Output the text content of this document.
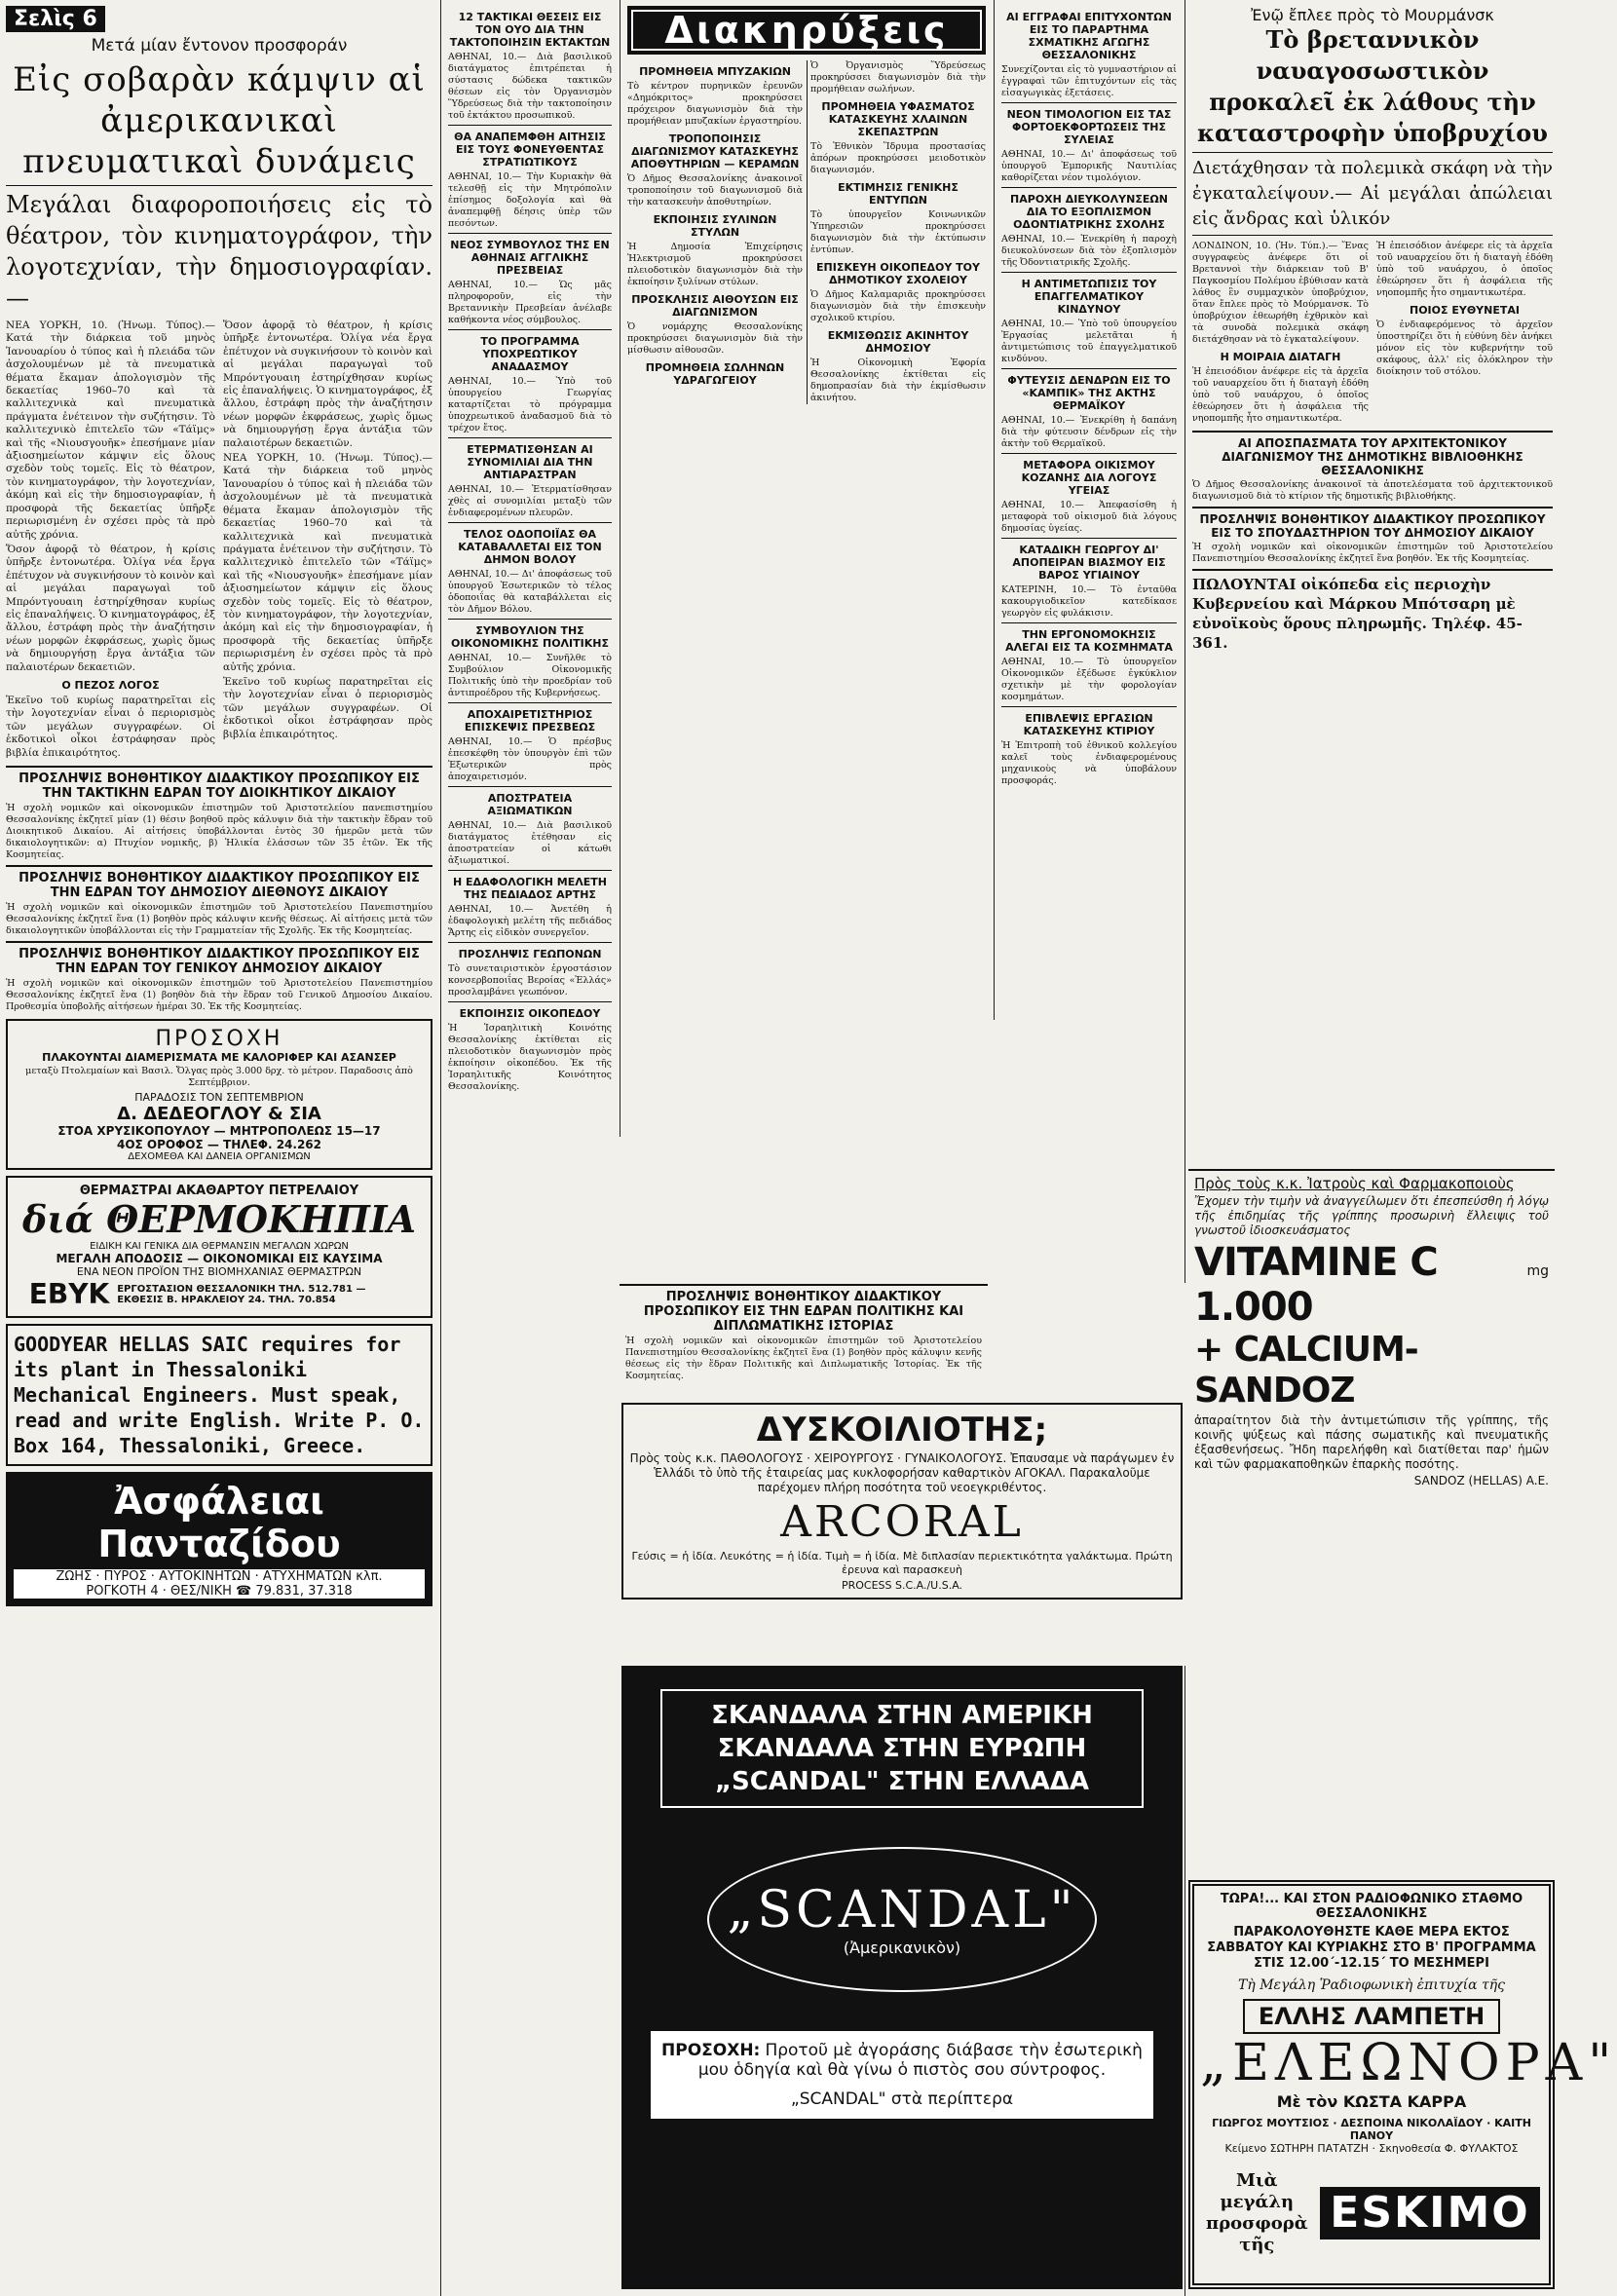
Σελὶς 6
Μετά μίαν ἔντονον προσφοράν
Εἰς σοβαρὰν κάμψιν αἱ ἀμερικανικαὶ πνευματικαὶ δυνάμεις
Μεγάλαι διαφοροποιήσεις εἰς τὸ θέατρον, τὸν κινηματογράφον, τὴν λογοτεχνίαν, τὴν δημοσιογραφίαν.—

ΝΕΑ ΥΟΡΚΗ, 10. (Ἡνωμ. Τύπος).— Κατά τὴν διάρκεια τοῦ μηνὸς Ἰανουαρίου ὁ τύπος καὶ ἡ πλειάδα τῶν ἀσχολουμένων μὲ τὰ πνευματικὰ θέματα ἔκαμαν ἀπολογισμὸν τῆς δεκαετίας 1960–70 καὶ τὰ καλλιτεχνικὰ καὶ πνευματικὰ πράγματα ἐνέτεινον τὴν συζήτησιν. Τὸ καλλιτεχνικὸ ἐπιτελεῖο τῶν «Τάϊμς» καὶ τῆς «Νιουσγουῆκ» ἐπεσήμανε μίαν ἀξιοσημείωτον κάμψιν εἰς ὅλους σχεδὸν τοὺς τομεῖς. Εἰς τὸ θέατρον, τὸν κινηματογράφον, τὴν λογοτεχνίαν, ἀκόμη καὶ εἰς τὴν δημοσιογραφίαν, ἡ προσφορὰ τῆς δεκαετίας ὑπῆρξε περιωρισμένη ἐν σχέσει πρὸς τὰ πρὸ αὐτῆς χρόνια.

Ὅσον ἀφορᾷ τὸ θέατρον, ἡ κρίσις ὑπῆρξε ἐντονωτέρα. Ὀλίγα νέα ἔργα ἐπέτυχον νὰ συγκινήσουν τὸ κοινὸν καὶ αἱ μεγάλαι παραγωγαὶ τοῦ Μπρόντγουαιη ἐστηρίχθησαν κυρίως εἰς ἐπαναλήψεις. Ὁ κινηματογράφος, ἐξ ἄλλου, ἐστράφη πρὸς τὴν ἀναζήτησιν νέων μορφῶν ἐκφράσεως, χωρὶς ὅμως νὰ δημιουργήσῃ ἔργα ἀντάξια τῶν παλαιοτέρων δεκαετιῶν.

Ο ΠΕΖΟΣ ΛΟΓΟΣ

Ἐκεῖνο τοῦ κυρίως παρατηρεῖται εἰς τὴν λογοτεχνίαν εἶναι ὁ περιορισμὸς τῶν μεγάλων συγγραφέων. Οἱ ἐκδοτικοὶ οἶκοι ἐστράφησαν πρὸς βιβλία ἐπικαιρότητος.

Ὅσον ἀφορᾷ τὸ θέατρον, ἡ κρίσις ὑπῆρξε ἐντονωτέρα. Ὀλίγα νέα ἔργα ἐπέτυχον νὰ συγκινήσουν τὸ κοινὸν καὶ αἱ μεγάλαι παραγωγαὶ τοῦ Μπρόντγουαιη ἐστηρίχθησαν κυρίως εἰς ἐπαναλήψεις. Ὁ κινηματογράφος, ἐξ ἄλλου, ἐστράφη πρὸς τὴν ἀναζήτησιν νέων μορφῶν ἐκφράσεως, χωρὶς ὅμως νὰ δημιουργήσῃ ἔργα ἀντάξια τῶν παλαιοτέρων δεκαετιῶν.

ΝΕΑ ΥΟΡΚΗ, 10. (Ἡνωμ. Τύπος).— Κατά τὴν διάρκεια τοῦ μηνὸς Ἰανουαρίου ὁ τύπος καὶ ἡ πλειάδα τῶν ἀσχολουμένων μὲ τὰ πνευματικὰ θέματα ἔκαμαν ἀπολογισμὸν τῆς δεκαετίας 1960–70 καὶ τὰ καλλιτεχνικὰ καὶ πνευματικὰ πράγματα ἐνέτεινον τὴν συζήτησιν. Τὸ καλλιτεχνικὸ ἐπιτελεῖο τῶν «Τάϊμς» καὶ τῆς «Νιουσγουῆκ» ἐπεσήμανε μίαν ἀξιοσημείωτον κάμψιν εἰς ὅλους σχεδὸν τοὺς τομεῖς. Εἰς τὸ θέατρον, τὸν κινηματογράφον, τὴν λογοτεχνίαν, ἀκόμη καὶ εἰς τὴν δημοσιογραφίαν, ἡ προσφορὰ τῆς δεκαετίας ὑπῆρξε περιωρισμένη ἐν σχέσει πρὸς τὰ πρὸ αὐτῆς χρόνια.

Ἐκεῖνο τοῦ κυρίως παρατηρεῖται εἰς τὴν λογοτεχνίαν εἶναι ὁ περιορισμὸς τῶν μεγάλων συγγραφέων. Οἱ ἐκδοτικοὶ οἶκοι ἐστράφησαν πρὸς βιβλία ἐπικαιρότητος.

ΠΡΟΣΛΗΨΙΣ ΒΟΗΘΗΤΙΚΟΥ ΔΙΔΑΚΤΙΚΟΥ ΠΡΟΣΩΠΙΚΟΥ ΕΙΣ ΤΗΝ ΤΑΚΤΙΚΗΝ ΕΔΡΑΝ ΤΟΥ ΔΙΟΙΚΗΤΙΚΟΥ ΔΙΚΑΙΟΥ

Ἡ σχολὴ νομικῶν καὶ οἰκονομικῶν ἐπιστημῶν τοῦ Ἀριστοτελείου πανεπιστημίου Θεσσαλονίκης ἐκζητεῖ μίαν (1) θέσιν βοηθοῦ πρὸς κάλυψιν διὰ τὴν τακτικὴν ἕδραν τοῦ Διοικητικοῦ Δικαίου. Αἱ αἰτήσεις ὑποβάλλονται ἐντὸς 30 ἡμερῶν μετὰ τῶν δικαιολογητικῶν: α) Πτυχίον νομικῆς, β) Ἡλικία ἐλάσσων τῶν 35 ἐτῶν. Ἐκ τῆς Κοσμητείας.

ΠΡΟΣΛΗΨΙΣ ΒΟΗΘΗΤΙΚΟΥ ΔΙΔΑΚΤΙΚΟΥ ΠΡΟΣΩΠΙΚΟΥ ΕΙΣ ΤΗΝ ΕΔΡΑΝ ΤΟΥ ΔΗΜΟΣΙΟΥ ΔΙΕΘΝΟΥΣ ΔΙΚΑΙΟΥ

Ἡ σχολὴ νομικῶν καὶ οἰκονομικῶν ἐπιστημῶν τοῦ Ἀριστοτελείου Πανεπιστημίου Θεσσαλονίκης ἐκζητεῖ ἕνα (1) βοηθὸν πρὸς κάλυψιν κενῆς θέσεως. Αἱ αἰτήσεις μετὰ τῶν δικαιολογητικῶν ὑποβάλλονται εἰς τὴν Γραμματείαν τῆς Σχολῆς. Ἐκ τῆς Κοσμητείας.

ΠΡΟΣΛΗΨΙΣ ΒΟΗΘΗΤΙΚΟΥ ΔΙΔΑΚΤΙΚΟΥ ΠΡΟΣΩΠΙΚΟΥ ΕΙΣ ΤΗΝ ΕΔΡΑΝ ΤΟΥ ΓΕΝΙΚΟΥ ΔΗΜΟΣΙΟΥ ΔΙΚΑΙΟΥ

Ἡ σχολὴ νομικῶν καὶ οἰκονομικῶν ἐπιστημῶν τοῦ Ἀριστοτελείου Πανεπιστημίου Θεσσαλονίκης ἐκζητεῖ ἕνα (1) βοηθὸν διὰ τὴν ἕδραν τοῦ Γενικοῦ Δημοσίου Δικαίου. Προθεσμία ὑποβολῆς αἰτήσεων ἡμέραι 30. Ἐκ τῆς Κοσμητείας.

ΠΡΟΣΟΧΗ
ΠΛΑΚΟΥΝΤΑΙ ΔΙΑΜΕΡΙΣΜΑΤΑ ΜΕ ΚΑΛΟΡΙΦΕΡ ΚΑΙ ΑΣΑΝΣΕΡ

μεταξὺ Πτολεμαίων καὶ Βασιλ. Ὄλγας πρὸς 3.000 δρχ. τὸ μέτρον. Παραδοσις ἀπὸ Σεπτέμβριον.

ΠΑΡΑΔΟΣΙΣ ΤΟΝ ΣΕΠΤΕΜΒΡΙΟΝ
Δ. ΔΕΔΕΟΓΛΟΥ & ΣΙΑ
ΣΤΟΑ ΧΡΥΣΙΚΟΠΟΥΛΟΥ — ΜΗΤΡΟΠΟΛΕΩΣ 15—17
4ΟΣ ΟΡΟΦΟΣ — ΤΗΛΕΦ. 24.262
ΔΕΧΟΜΕΘΑ ΚΑΙ ΔΑΝΕΙΑ ΟΡΓΑΝΙΣΜΩΝ
ΘΕΡΜΑΣΤΡΑΙ ΑΚΑΘΑΡΤΟΥ ΠΕΤΡΕΛΑΙΟΥ
διά ΘΕΡΜΟΚΗΠΙΑ
ΕΙΔΙΚΗ ΚΑΙ ΓΕΝΙΚΑ ΔΙΑ ΘΕΡΜΑΝΣΙΝ ΜΕΓΑΛΩΝ ΧΩΡΩΝ
ΜΕΓΑΛΗ ΑΠΟΔΟΣΙΣ — ΟΙΚΟΝΟΜΙΚΑΙ ΕΙΣ ΚΑΥΣΙΜΑ
ΕΝΑ ΝΕΟΝ ΠΡΟΪΟΝ ΤΗΣ ΒΙΟΜΗΧΑΝΙΑΣ ΘΕΡΜΑΣΤΡΩΝ
ΕΒΥΚ ΕΡΓΟΣΤΑΣΙΟΝ ΘΕΣΣΑΛΟΝΙΚΗ ΤΗΛ. 512.781 — ΕΚΘΕΣΙΣ Β. ΗΡΑΚΛΕΙΟΥ 24. ΤΗΛ. 70.854
GOODYEAR HELLAS SAIC requires for its plant in Thessaloniki Mechanical Engineers. Must speak, read and write English. Write P. O. Box 164, Thessaloniki, Greece.
Ἀσφάλειαι Πανταζίδου
ΖΩΗΣ · ΠΥΡΟΣ · ΑΥΤΟΚΙΝΗΤΩΝ · ΑΤΥΧΗΜΑΤΩΝ κλπ.
ΡΟΓΚΟΤΗ 4 · ΘΕΣ/ΝΙΚΗ ☎ 79.831, 37.318
12 ΤΑΚΤΙΚΑΙ ΘΕΣΕΙΣ ΕΙΣ ΤΟΝ ΟΥΟ ΔΙΑ ΤΗΝ ΤΑΚΤΟΠΟΙΗΣΙΝ ΕΚΤΑΚΤΩΝ

ΑΘΗΝΑΙ, 10.— Διὰ βασιλικοῦ διατάγματος ἐπιτρέπεται ἡ σύστασις δώδεκα τακτικῶν θέσεων εἰς τὸν Ὀργανισμὸν Ὕδρεύσεως διὰ τὴν τακτοποίησιν τοῦ ἐκτάκτου προσωπικοῦ.

ΘΑ ΑΝΑΠΕΜΦΘΗ ΑΙΤΗΣΙΣ ΕΙΣ ΤΟΥΣ ΦΟΝΕΥΘΕΝΤΑΣ ΣΤΡΑΤΙΩΤΙΚΟΥΣ

ΑΘΗΝΑΙ, 10.— Τὴν Κυριακὴν θὰ τελεσθῇ εἰς τὴν Μητρόπολιν ἐπίσημος δοξολογία καὶ θὰ ἀναπεμφθῇ δέησις ὑπὲρ τῶν πεσόντων.

ΝΕΟΣ ΣΥΜΒΟΥΛΟΣ ΤΗΣ ΕΝ ΑΘΗΝΑΙΣ ΑΓΓΛΙΚΗΣ ΠΡΕΣΒΕΙΑΣ

ΑΘΗΝΑΙ, 10.— Ὡς μᾶς πληροφοροῦν, εἰς τὴν Βρεταννικὴν Πρεσβείαν ἀνέλαβε καθήκοντα νέος σύμβουλος.

ΤΟ ΠΡΟΓΡΑΜΜΑ ΥΠΟΧΡΕΩΤΙΚΟΥ ΑΝΑΔΑΣΜΟΥ

ΑΘΗΝΑΙ, 10.— Ὑπὸ τοῦ ὑπουργείου Γεωργίας καταρτίζεται τὸ πρόγραμμα ὑποχρεωτικοῦ ἀναδασμοῦ διὰ τὸ τρέχον ἔτος.

ΕΤΕΡΜΑΤΙΣΘΗΣΑΝ ΑΙ ΣΥΝΟΜΙΛΙΑΙ ΔΙΑ ΤΗΝ ΑΝΤΙΑΡΑΣΤΡΑΝ

ΑΘΗΝΑΙ, 10.— Ἐτερματίσθησαν χθὲς αἱ συνομιλίαι μεταξὺ τῶν ἐνδιαφερομένων πλευρῶν.

ΤΕΛΟΣ ΟΔΟΠΟΙΪΑΣ ΘΑ ΚΑΤΑΒΑΛΛΕΤΑΙ ΕΙΣ ΤΟΝ ΔΗΜΟΝ ΒΟΛΟΥ

ΑΘΗΝΑΙ, 10.— Δι' ἀποφάσεως τοῦ ὑπουργοῦ Ἐσωτερικῶν τὸ τέλος ὁδοποιΐας θὰ καταβάλλεται εἰς τὸν Δῆμον Βόλου.

ΣΥΜΒΟΥΛΙΟΝ ΤΗΣ ΟΙΚΟΝΟΜΙΚΗΣ ΠΟΛΙΤΙΚΗΣ

ΑΘΗΝΑΙ, 10.— Συνῆλθε τὸ Συμβούλιον Οἰκονομικῆς Πολιτικῆς ὑπὸ τὴν προεδρίαν τοῦ ἀντιπροέδρου τῆς Κυβερνήσεως.

ΑΠΟΧΑΙΡΕΤΙΣΤΗΡΙΟΣ ΕΠΙΣΚΕΨΙΣ ΠΡΕΣΒΕΩΣ

ΑΘΗΝΑΙ, 10.— Ὁ πρέσβυς ἐπεσκέφθη τὸν ὑπουργὸν ἐπὶ τῶν Ἐξωτερικῶν πρὸς ἀποχαιρετισμόν.

ΑΠΟΣΤΡΑΤΕΙΑ ΑΞΙΩΜΑΤΙΚΩΝ

ΑΘΗΝΑΙ, 10.— Διὰ βασιλικοῦ διατάγματος ἐτέθησαν εἰς ἀποστρατείαν οἱ κάτωθι ἀξιωματικοί.

Η ΕΔΑΦΟΛΟΓΙΚΗ ΜΕΛΕΤΗ ΤΗΣ ΠΕΔΙΑΔΟΣ ΑΡΤΗΣ

ΑΘΗΝΑΙ, 10.— Ἀνετέθη ἡ ἐδαφολογικὴ μελέτη τῆς πεδιάδος Ἄρτης εἰς εἰδικὸν συνεργεῖον.

ΠΡΟΣΛΗΨΙΣ ΓΕΩΠΟΝΩΝ

Τὸ συνεταιριστικὸν ἐργοστάσιον κονσερβοποιΐας Βεροίας «Ἐλλάς» προσλαμβάνει γεωπόνον.

ΕΚΠΟΙΗΣΙΣ ΟΙΚΟΠΕΔΟΥ

Ἡ Ἰσραηλιτικὴ Κοινότης Θεσσαλονίκης ἐκτίθεται εἰς πλειοδοτικὸν διαγωνισμὸν πρὸς ἐκποίησιν οἰκοπέδου. Ἐκ τῆς Ἰσραηλιτικῆς Κοινότητος Θεσσαλονίκης.

Διακηρύξεις
ΠΡΟΜΗΘΕΙΑ ΜΠΥΖΑΚΙΩΝ

Τὸ κέντρον πυρηνικῶν ἐρευνῶν «Δημόκριτος» προκηρύσσει πρόχειρον διαγωνισμὸν διὰ τὴν προμήθειαν μπυζακίων ἐργαστηρίου.

ΤΡΟΠΟΠΟΙΗΣΙΣ ΔΙΑΓΩΝΙΣΜΟΥ ΚΑΤΑΣΚΕΥΗΣ ΑΠΟΘΥΤΗΡΙΩΝ — ΚΕΡΑΜΩΝ

Ὁ Δῆμος Θεσσαλονίκης ἀνακοινοῖ τροποποίησιν τοῦ διαγωνισμοῦ διὰ τὴν κατασκευὴν ἀποθυτηρίων.

ΕΚΠΟΙΗΣΙΣ ΣΥΛΙΝΩΝ ΣΤΥΛΩΝ

Ἡ Δημοσία Ἐπιχείρησις Ἠλεκτρισμοῦ προκηρύσσει πλειοδοτικὸν διαγωνισμὸν διὰ τὴν ἐκποίησιν ξυλίνων στύλων.

ΠΡΟΣΚΛΗΣΙΣ ΑΙΘΟΥΣΩΝ ΕΙΣ ΔΙΑΓΩΝΙΣΜΟΝ

Ὁ νομάρχης Θεσσαλονίκης προκηρύσσει διαγωνισμὸν διὰ τὴν μίσθωσιν αἰθουσῶν.

ΠΡΟΜΗΘΕΙΑ ΣΩΛΗΝΩΝ ΥΔΡΑΓΩΓΕΙΟΥ

Ὁ Ὀργανισμὸς Ὕδρεύσεως προκηρύσσει διαγωνισμὸν διὰ τὴν προμήθειαν σωλήνων.

ΠΡΟΜΗΘΕΙΑ ΥΦΑΣΜΑΤΟΣ ΚΑΤΑΣΚΕΥΗΣ ΧΛΑΙΝΩΝ ΣΚΕΠΑΣΤΡΩΝ

Τὸ Ἐθνικὸν Ἵδρυμα προστασίας ἀπόρων προκηρύσσει μειοδοτικὸν διαγωνισμόν.

ΕΚΤΙΜΗΣΙΣ ΓΕΝΙΚΗΣ ΕΝΤΥΠΩΝ

Τὸ ὑπουργεῖον Κοινωνικῶν Ὑπηρεσιῶν προκηρύσσει διαγωνισμὸν διὰ τὴν ἐκτύπωσιν ἐντύπων.

ΕΠΙΣΚΕΥΗ ΟΙΚΟΠΕΔΟΥ ΤΟΥ ΔΗΜΟΤΙΚΟΥ ΣΧΟΛΕΙΟΥ

Ὁ Δῆμος Καλαμαριᾶς προκηρύσσει διαγωνισμὸν διὰ τὴν ἐπισκευὴν σχολικοῦ κτιρίου.

ΕΚΜΙΣΘΩΣΙΣ ΑΚΙΝΗΤΟΥ ΔΗΜΟΣΙΟΥ

Ἡ Οἰκονομικὴ Ἐφορία Θεσσαλονίκης ἐκτίθεται εἰς δημοπρασίαν διὰ τὴν ἐκμίσθωσιν ἀκινήτου.

ΠΡΟΣΛΗΨΙΣ ΒΟΗΘΗΤΙΚΟΥ ΔΙΔΑΚΤΙΚΟΥ ΠΡΟΣΩΠΙΚΟΥ ΕΙΣ ΤΗΝ ΕΔΡΑΝ ΠΟΛΙΤΙΚΗΣ ΚΑΙ ΔΙΠΛΩΜΑΤΙΚΗΣ ΙΣΤΟΡΙΑΣ

Ἡ σχολὴ νομικῶν καὶ οἰκονομικῶν ἐπιστημῶν τοῦ Ἀριστοτελείου Πανεπιστημίου Θεσσαλονίκης ἐκζητεῖ ἕνα (1) βοηθὸν πρὸς κάλυψιν κενῆς θέσεως εἰς τὴν ἕδραν Πολιτικῆς καὶ Διπλωματικῆς Ἱστορίας. Ἐκ τῆς Κοσμητείας.

ΑΙ ΕΓΓΡΑΦΑΙ ΕΠΙΤΥΧΟΝΤΩΝ ΕΙΣ ΤΟ ΠΑΡΑΡΤΗΜΑ ΣΧΜΑΤΙΚΗΣ ΑΓΩΓΗΣ ΘΕΣΣΑΛΟΝΙΚΗΣ

Συνεχίζονται εἰς τὸ γυμναστήριον αἱ ἐγγραφαὶ τῶν ἐπιτυχόντων εἰς τὰς εἰσαγωγικὰς ἐξετάσεις.

ΝΕΟΝ ΤΙΜΟΛΟΓΙΟΝ ΕΙΣ ΤΑΣ ΦΟΡΤΟΕΚΦΟΡΤΩΣΕΙΣ ΤΗΣ ΣΥΛΕΙΑΣ

ΑΘΗΝΑΙ, 10.— Δι' ἀποφάσεως τοῦ ὑπουργοῦ Ἐμπορικῆς Ναυτιλίας καθορίζεται νέον τιμολόγιον.

ΠΑΡΟΧΗ ΔΙΕΥΚΟΛΥΝΣΕΩΝ ΔΙΑ ΤΟ ΕΞΟΠΛΙΣΜΟΝ ΟΔΟΝΤΙΑΤΡΙΚΗΣ ΣΧΟΛΗΣ

ΑΘΗΝΑΙ, 10.— Ἐνεκρίθη ἡ παροχὴ διευκολύνσεων διὰ τὸν ἐξοπλισμὸν τῆς Ὀδοντιατρικῆς Σχολῆς.

Η ΑΝΤΙΜΕΤΩΠΙΣΙΣ ΤΟΥ ΕΠΑΓΓΕΛΜΑΤΙΚΟΥ ΚΙΝΔΥΝΟΥ

ΑΘΗΝΑΙ, 10.— Ὑπὸ τοῦ ὑπουργείου Ἐργασίας μελετᾶται ἡ ἀντιμετώπισις τοῦ ἐπαγγελματικοῦ κινδύνου.

ΦΥΤΕΥΣΙΣ ΔΕΝΔΡΩΝ ΕΙΣ ΤΟ «ΚΑΜΠΙΚ» ΤΗΣ ΑΚΤΗΣ ΘΕΡΜΑΪΚΟΥ

ΑΘΗΝΑΙ, 10.— Ἐνεκρίθη ἡ δαπάνη διὰ τὴν φύτευσιν δένδρων εἰς τὴν ἀκτὴν τοῦ Θερμαϊκοῦ.

ΜΕΤΑΦΟΡΑ ΟΙΚΙΣΜΟΥ ΚΟΖΑΝΗΣ ΔΙΑ ΛΟΓΟΥΣ ΥΓΕΙΑΣ

ΑΘΗΝΑΙ, 10.— Ἀπεφασίσθη ἡ μεταφορὰ τοῦ οἰκισμοῦ διὰ λόγους δημοσίας ὑγείας.

ΚΑΤΑΔΙΚΗ ΓΕΩΡΓΟΥ ΔΙ' ΑΠΟΠΕΙΡΑΝ ΒΙΑΣΜΟΥ ΕΙΣ ΒΑΡΟΣ ΥΓΙΑΙΝΟΥ

ΚΑΤΕΡΙΝΗ, 10.— Τὸ ἐνταῦθα κακουργιοδικεῖον κατεδίκασε γεωργὸν εἰς φυλάκισιν.

ΤΗΝ ΕΡΓΟΝΟΜΟΚΗΣΙΣ ΑΛΕΓΑΙ ΕΙΣ ΤΑ ΚΟΣΜΗΜΑΤΑ

ΑΘΗΝΑΙ, 10.— Τὸ ὑπουργεῖον Οἰκονομικῶν ἐξέδωσε ἐγκύκλιον σχετικὴν μὲ τὴν φορολογίαν κοσμημάτων.

ΕΠΙΒΛΕΨΙΣ ΕΡΓΑΣΙΩΝ ΚΑΤΑΣΚΕΥΗΣ ΚΤΙΡΙΟΥ

Ἡ Ἐπιτροπὴ τοῦ ἐθνικοῦ κολλεγίου καλεῖ τοὺς ἐνδιαφερομένους μηχανικοὺς νὰ ὑποβάλουν προσφοράς.

Ἐνῷ ἔπλεε πρὸς τὸ Μουρμάνσκ
Τὸ βρεταννικὸν ναυαγοσωστικὸν προκαλεῖ ἐκ λάθους τὴν καταστροφὴν ὑποβρυχίου
Διετάχθησαν τὰ πολεμικὰ σκάφη νὰ τὴν ἐγκαταλείψουν.— Αἱ μεγάλαι ἀπώλειαι εἰς ἄνδρας καὶ ὑλικόν

ΛΟΝΔΙΝΟΝ, 10. (Ἡν. Τύπ.).— Ἕνας συγγραφεὺς ἀνέφερε ὅτι οἱ Βρεταννοὶ τὴν διάρκειαν τοῦ Β' Παγκοσμίου Πολέμου ἐβύθισαν κατὰ λάθος ἓν συμμαχικὸν ὑποβρύχιον, ὅταν ἔπλεε πρὸς τὸ Μούρμανσκ. Τὸ ὑποβρύχιον ἐθεωρήθη ἐχθρικὸν καὶ τὰ συνοδὰ πολεμικὰ σκάφη διετάχθησαν νὰ τὸ ἐγκαταλείψουν.

Η ΜΟΙΡΑΙΑ ΔΙΑΤΑΓΗ

Ἡ ἐπεισόδιον ἀνέφερε εἰς τὰ ἀρχεῖα τοῦ ναυαρχείου ὅτι ἡ διαταγὴ ἐδόθη ὑπὸ τοῦ ναυάρχου, ὁ ὁποῖος ἐθεώρησεν ὅτι ἡ ἀσφάλεια τῆς νηοπομπῆς ἦτο σημαντικωτέρα.

Ἡ ἐπεισόδιον ἀνέφερε εἰς τὰ ἀρχεῖα τοῦ ναυαρχείου ὅτι ἡ διαταγὴ ἐδόθη ὑπὸ τοῦ ναυάρχου, ὁ ὁποῖος ἐθεώρησεν ὅτι ἡ ἀσφάλεια τῆς νηοπομπῆς ἦτο σημαντικωτέρα.

ΠΟΙΟΣ ΕΥΘΥΝΕΤΑΙ

Ὁ ἐνδιαφερόμενος τὸ ἀρχεῖον ὑποστηρίζει ὅτι ἡ εὐθύνη δὲν ἀνήκει μόνον εἰς τὸν κυβερνήτην τοῦ σκάφους, ἀλλ' εἰς ὁλόκληρον τὴν διοίκησιν τοῦ στόλου.

ΑΙ ΑΠΟΣΠΑΣΜΑΤΑ ΤΟΥ ΑΡΧΙΤΕΚΤΟΝΙΚΟΥ ΔΙΑΓΩΝΙΣΜΟΥ ΤΗΣ ΔΗΜΟΤΙΚΗΣ ΒΙΒΛΙΟΘΗΚΗΣ ΘΕΣΣΑΛΟΝΙΚΗΣ

Ὁ Δῆμος Θεσσαλονίκης ἀνακοινοῖ τὰ ἀποτελέσματα τοῦ ἀρχιτεκτονικοῦ διαγωνισμοῦ διὰ τὸ κτίριον τῆς δημοτικῆς βιβλιοθήκης.

ΠΡΟΣΛΗΨΙΣ ΒΟΗΘΗΤΙΚΟΥ ΔΙΔΑΚΤΙΚΟΥ ΠΡΟΣΩΠΙΚΟΥ ΕΙΣ ΤΟ ΣΠΟΥΔΑΣΤΗΡΙΟΝ ΤΟΥ ΔΗΜΟΣΙΟΥ ΔΙΚΑΙΟΥ

Ἡ σχολὴ νομικῶν καὶ οἰκονομικῶν ἐπιστημῶν τοῦ Ἀριστοτελείου Πανεπιστημίου Θεσσαλονίκης ἐκζητεῖ ἕνα βοηθόν. Ἐκ τῆς Κοσμητείας.

ΠΩΛΟΥΝΤΑΙ οἰκόπεδα εἰς περιοχὴν Κυβερνείου καὶ Μάρκου Μπότσαρη μὲ εὐνοϊκοὺς ὅρους πληρωμῆς. Τηλέφ. 45-361.
ΔΥΣΚΟΙΛΙΟΤΗΣ;

Πρὸς τοὺς κ.κ. ΠΑΘΟΛΟΓΟΥΣ · ΧΕΙΡΟΥΡΓΟΥΣ · ΓΥΝΑΙΚΟΛΟΓΟΥΣ. Ἐπαυσαμε νὰ παράγωμεν ἐν Ἑλλάδι τὸ ὑπὸ τῆς ἑταιρείας μας κυκλοφορήσαν καθαρτικὸν ΑΓΟΚΑΛ. Παρακαλοῦμε παρέχομεν πλήρη ποσότητα τοῦ νεοεγκριθέντος.

ARCORAL

Γεύσις = ἡ ἰδία. Λευκότης = ἡ ἰδία. Τιμὴ = ἡ ἰδία. Μὲ διπλασίαν περιεκτικότητα γαλάκτωμα. Πρώτη ἐρευνα καὶ παρασκευὴ

PROCESS S.C.A./U.S.A.
ΣΚΑΝΔΑΛΑ ΣΤΗΝ ΑΜΕΡΙΚΗ
ΣΚΑΝΔΑΛΑ ΣΤΗΝ ΕΥΡΩΠΗ
„SCANDAL" ΣΤΗΝ ΕΛΛΑΔΑ
„SCANDAL"
(Ἀμερικανικὸν)
ΠΡΟΣΟΧΗ: Προτοῦ μὲ ἀγοράσης διάβασε τὴν ἐσωτερικὴ μου ὁδηγία καὶ θὰ γίνω ὁ πιστὸς σου σύντροφος.
„SCANDAL" στὰ περίπτερα
Πρὸς τοὺς κ.κ. Ἰατροὺς καὶ Φαρμακοποιοὺς

Ἔχομεν τὴν τιμὴν νὰ ἀναγγείλωμεν ὅτι ἐπεσπεύσθη ἡ λόγῳ τῆς ἐπιδημίας τῆς γρίππης προσωρινὴ ἔλλειψις τοῦ γνωστοῦ ἰδιοσκευάσματος

VITAMINE C 1.000
mg
+ CALCIUM-SANDOZ

ἀπαραίτητον διὰ τὴν ἀντιμετώπισιν τῆς γρίππης, τῆς κοινῆς ψύξεως καὶ πάσης σωματικῆς καὶ πνευματικῆς ἐξασθενήσεως. Ἤδη παρελήφθη καὶ διατίθεται παρ' ἡμῶν καὶ τῶν φαρμακαποθηκῶν ἐπαρκὴς ποσότης.

SANDOZ (HELLAS) A.E.
ΤΩΡΑ!... ΚΑΙ ΣΤΟΝ ΡΑΔΙΟΦΩΝΙΚΟ ΣΤΑΘΜΟ ΘΕΣΣΑΛΟΝΙΚΗΣ
ΠΑΡΑΚΟΛΟΥΘΗΣΤΕ ΚΑΘΕ ΜΕΡΑ ΕΚΤΟΣ ΣΑΒΒΑΤΟΥ ΚΑΙ ΚΥΡΙΑΚΗΣ ΣΤΟ Β' ΠΡΟΓΡΑΜΜΑ ΣΤΙΣ 12.00΄-12.15΄ ΤΟ ΜΕΣΗΜΕΡΙ
Τὴ Μεγάλη Ῥαδιοφωνικὴ ἐπιτυχία τῆς
ΕΛΛΗΣ ΛΑΜΠΕΤΗ
„ΕΛΕΩΝΟΡΑ"
Μὲ τὸν ΚΩΣΤΑ ΚΑΡΡΑ
ΓΙΩΡΓΟΣ ΜΟΥΤΣΙΟΣ · ΔΕΣΠΟΙΝΑ ΝΙΚΟΛΑΪΔΟΥ · ΚΑΙΤΗ ΠΑΝΟΥ
Κείμενο ΣΩΤΗΡΗ ΠΑΤΑΤΖΗ · Σκηνοθεσία Φ. ΦΥΛΑΚΤΟΣ
Μιὰ μεγάλη προσφορὰ τῆς
ESKIMO
